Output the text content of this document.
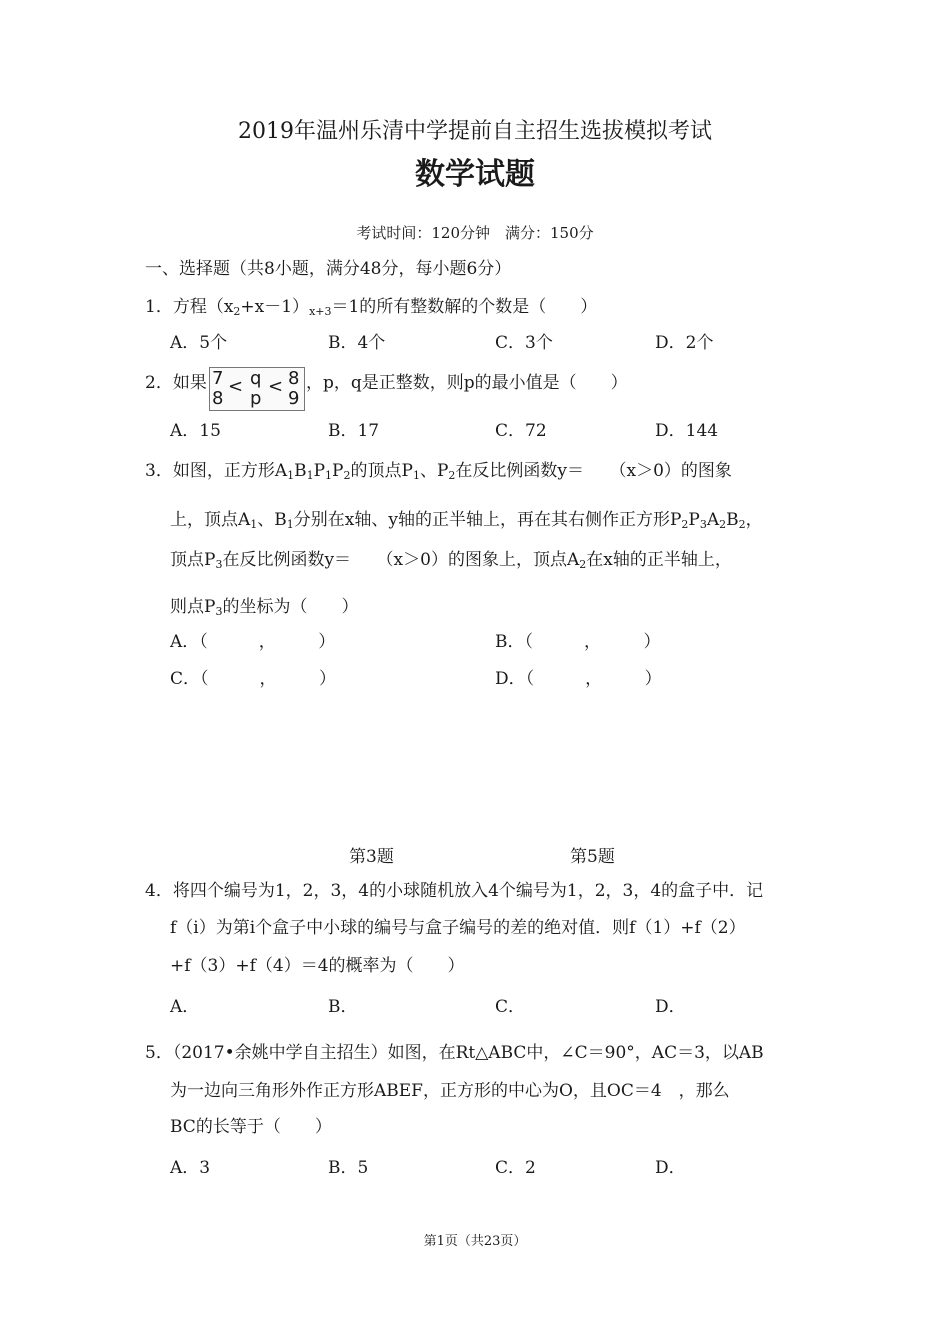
2019年温州乐清中学提前自主招生选拔模拟考试
数学试题
考试时间：120分钟　满分：150分
一、选择题（共8小题，满分48分，每小题6分）
1．方程$(x_2+x-1)_{x+3}=1$的所有整数解的个数是（　　）
A．5个	B．4个	C．3个	D．2个
2．如果 7
8
< q
p
< 8
9
，p，q是正整数，则p的最小值是（　　）
A．15	B．17	C．72	D．144
3．如图，正方形$A_1B_1P_1P_2$的顶点$P_1$、$P_2$在反比例函数y＝　　（x＞0）的图象
上，顶点$A_1$、$B_1$分别在x轴、y轴的正半轴上，再在其右侧作正方形$P_2P_3A_2B_2$，
顶点$P_3$在反比例函数y＝　　（x＞0）的图象上，顶点$A_2$在x轴的正半轴上，
则点$P_3$的坐标为（　　）
A．（　　　，　　　）	B．（　　　，　　　）
C．（　　　，　　　）	D．（　　　，　　　）
第3题	第5题
4．将四个编号为1，2，3，4的小球随机放入4个编号为1，2，3，4的盒子中．记
f（i）为第i个盒子中小球的编号与盒子编号的差的绝对值．则f（1）+f（2）
+f（3）+f（4）＝4的概率为（　　）
A．	B．	C．	D．
5．（2017•余姚中学自主招生）如图，在Rt△ABC中，∠C＝90°，AC＝3，以AB
为一边向三角形外作正方形ABEF，正方形的中心为O，且OC＝4　，那么
BC的长等于（　　）
A．3	B．5	C．2	D．
第1页（共23页）
